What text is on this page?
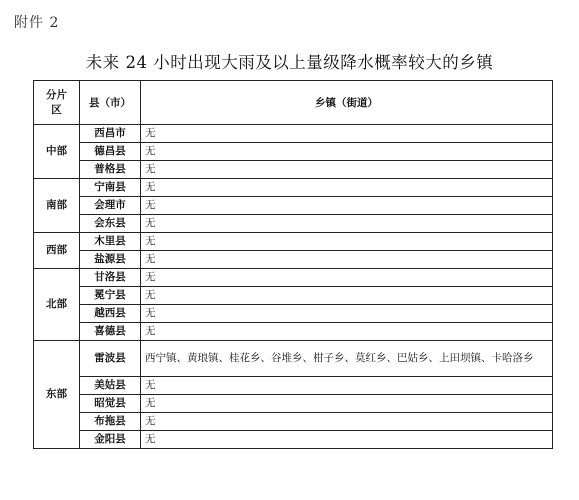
附件 2
未来 24 小时出现大雨及以上量级降水概率较大的乡镇
分片
区	县（市）	乡镇（街道）
中部	西昌市	无
	德昌县	无
	普格县	无
南部	宁南县	无
	会理市	无
	会东县	无
西部	木里县	无
	盐源县	无
北部	甘洛县	无
	冕宁县	无
	越西县	无
	喜德县	无
东部	雷波县	西宁镇、黄琅镇、桂花乡、谷堆乡、柑子乡、莫红乡、巴姑乡、上田坝镇、卡哈洛乡
	美姑县	无
	昭觉县	无
	布拖县	无
	金阳县	无
